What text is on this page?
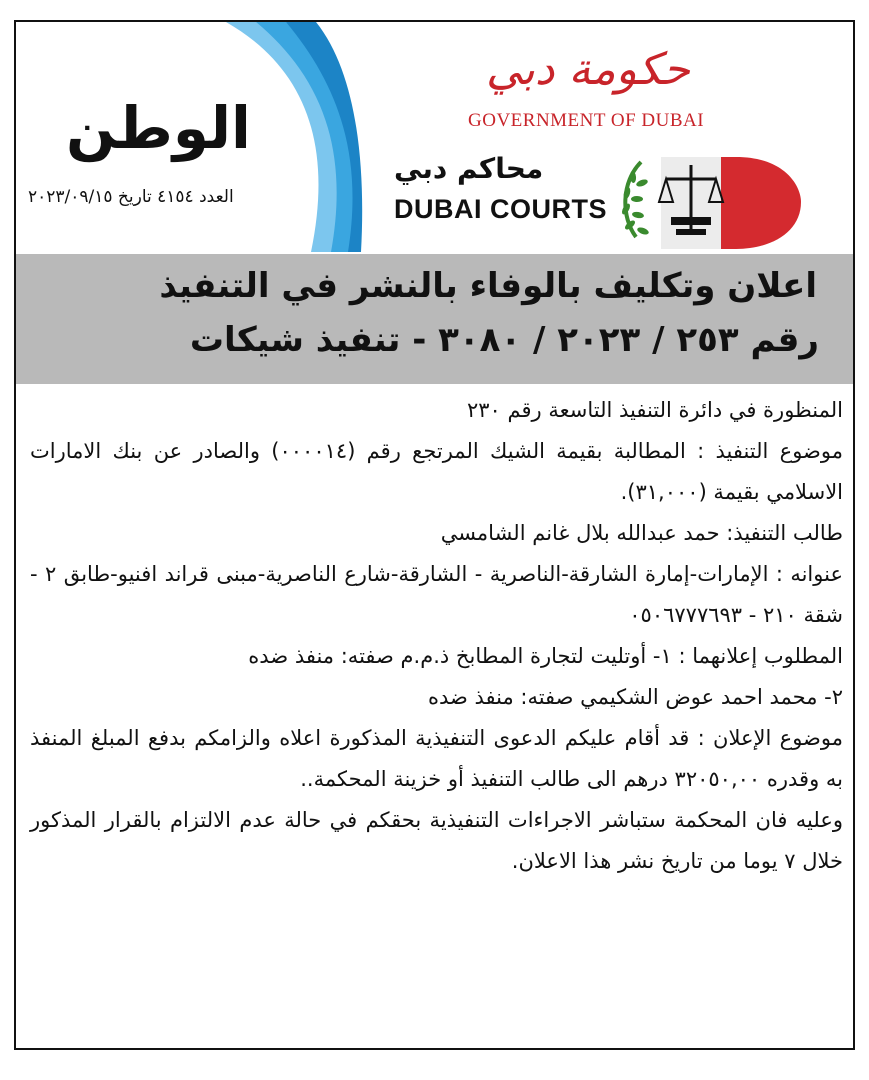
الوطن
العدد ٤١٥٤ تاريخ ٢٠٢٣/٠٩/١٥
حكومة دبي
GOVERNMENT OF DUBAI
محاكم دبي
DUBAI COURTS
اعلان وتكليف بالوفاء بالنشر في التنفيذ
رقم ٢٥٣ / ٢٠٢٣ / ٣٠٨٠ - تنفيذ شيكات

المنظورة في دائرة التنفيذ التاسعة رقم ٢٣٠

موضوع التنفيذ : المطالبة بقيمة الشيك المرتجع رقم (٠٠٠٠١٤) والصادر عن بنك الامارات الاسلامي بقيمة (٣١,٠٠٠).

طالب التنفيذ: حمد عبدالله بلال غانم الشامسي

عنوانه : الإمارات-إمارة الشارقة-الناصرية - الشارقة-شارع الناصرية-مبنى قراند افنيو-طابق ٢ - شقة ٢١٠ - ٠٥٠٦٧٧٧٦٩٣

المطلوب إعلانهما : ١- أوتليت لتجارة المطابخ ذ.م.م صفته: منفذ ضده

٢- محمد احمد عوض الشكيمي صفته: منفذ ضده

موضوع الإعلان : قد أقام عليكم الدعوى التنفيذية المذكورة اعلاه والزامكم بدفع المبلغ المنفذ به وقدره ٣٢٠٥٠,٠٠ درهم الى طالب التنفيذ أو خزينة المحكمة..

وعليه فان المحكمة ستباشر الاجراءات التنفيذية بحقكم في حالة عدم الالتزام بالقرار المذكور خلال ٧ يوما من تاريخ نشر هذا الاعلان.
